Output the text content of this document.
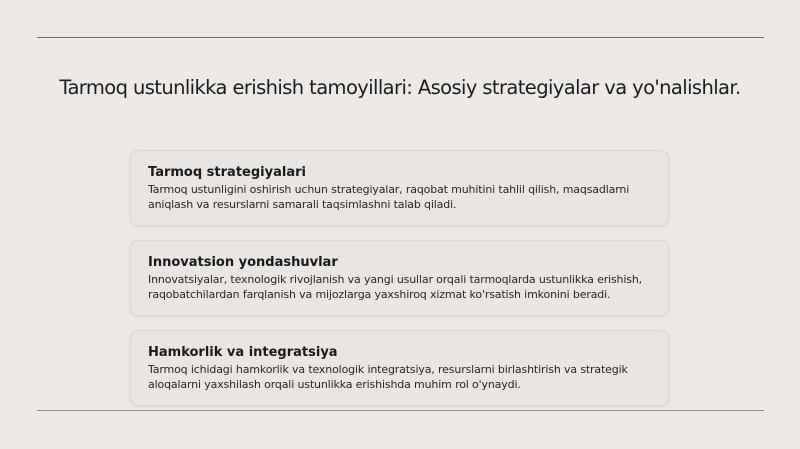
Tarmoq ustunlikka erishish tamoyillari: Asosiy strategiyalar va yo'nalishlar.
Tarmoq strategiyalari

Tarmoq ustunligini oshirish uchun strategiyalar, raqobat muhitini tahlil qilish, maqsadlarni aniqlash va resurslarni samarali taqsimlashni talab qiladi.

Innovatsion yondashuvlar

Innovatsiyalar, texnologik rivojlanish va yangi usullar orqali tarmoqlarda ustunlikka erishish, raqobatchilardan farqlanish va mijozlarga yaxshiroq xizmat ko'rsatish imkonini beradi.

Hamkorlik va integratsiya

Tarmoq ichidagi hamkorlik va texnologik integratsiya, resurslarni birlashtirish va strategik aloqalarni yaxshilash orqali ustunlikka erishishda muhim rol o'ynaydi.
